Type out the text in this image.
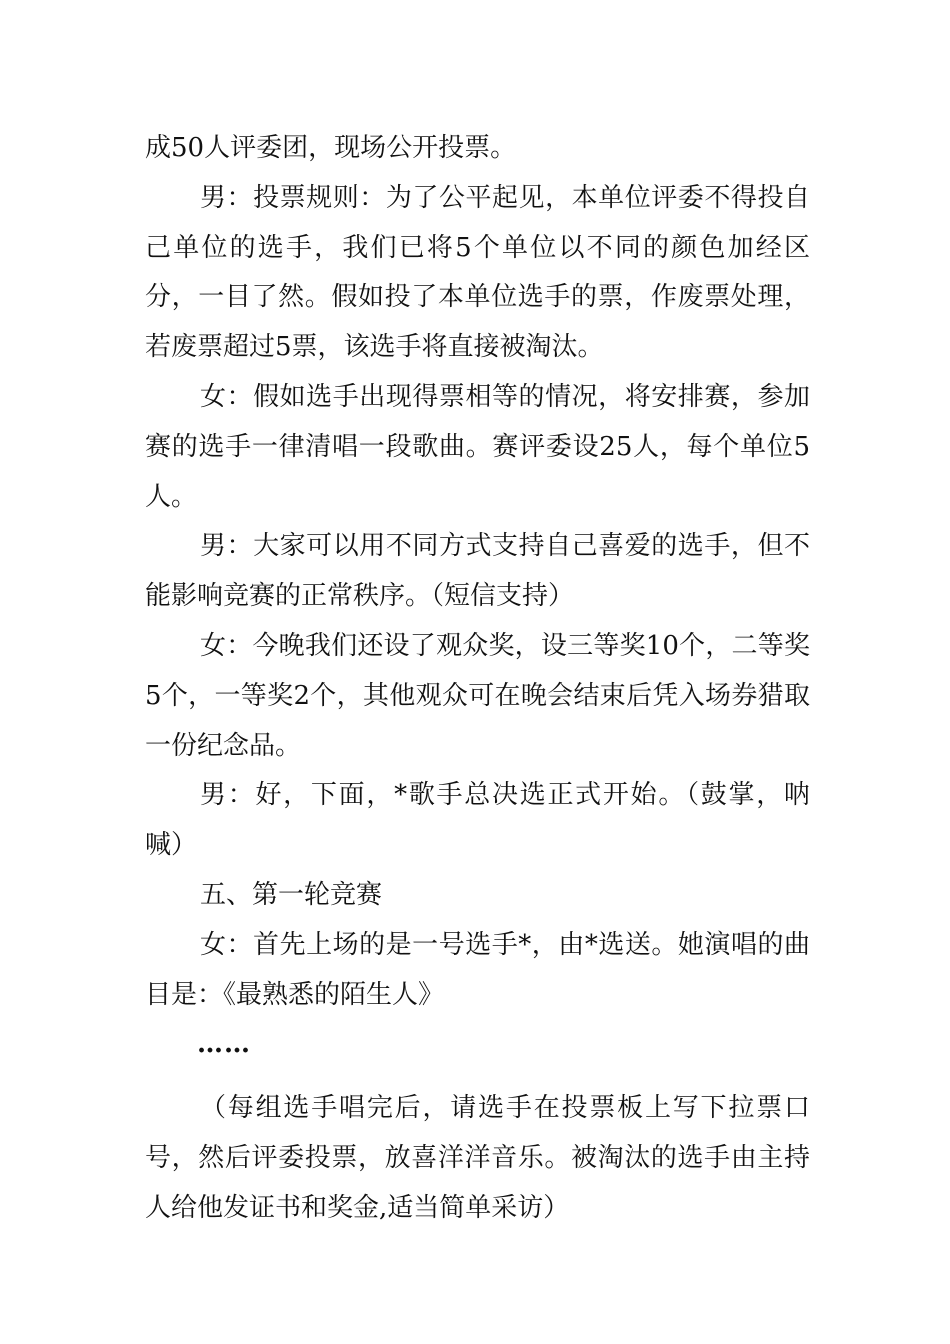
成50人评委团，现场公开投票。

男：投票规则：为了公平起见，本单位评委不得投自己单位的选手，我们已将5个单位以不同的颜色加经区分，一目了然。假如投了本单位选手的票，作废票处理，若废票超过5票，该选手将直接被淘汰。

女：假如选手出现得票相等的情况，将安排赛，参加赛的选手一律清唱一段歌曲。赛评委设25人，每个单位5人。

男：大家可以用不同方式支持自己喜爱的选手，但不能影响竞赛的正常秩序。（短信支持）

女：今晚我们还设了观众奖，设三等奖10个，二等奖5个，一等奖2个，其他观众可在晚会结束后凭入场券猎取一份纪念品。

男：好，下面，*歌手总决选正式开始。（鼓掌，呐喊）

五、第一轮竞赛

女：首先上场的是一号选手*，由*选送。她演唱的曲目是：《最熟悉的陌生人》

……

（每组选手唱完后，请选手在投票板上写下拉票口号，然后评委投票，放喜洋洋音乐。被淘汰的选手由主持人给他发证书和奖金,适当简单采访）
